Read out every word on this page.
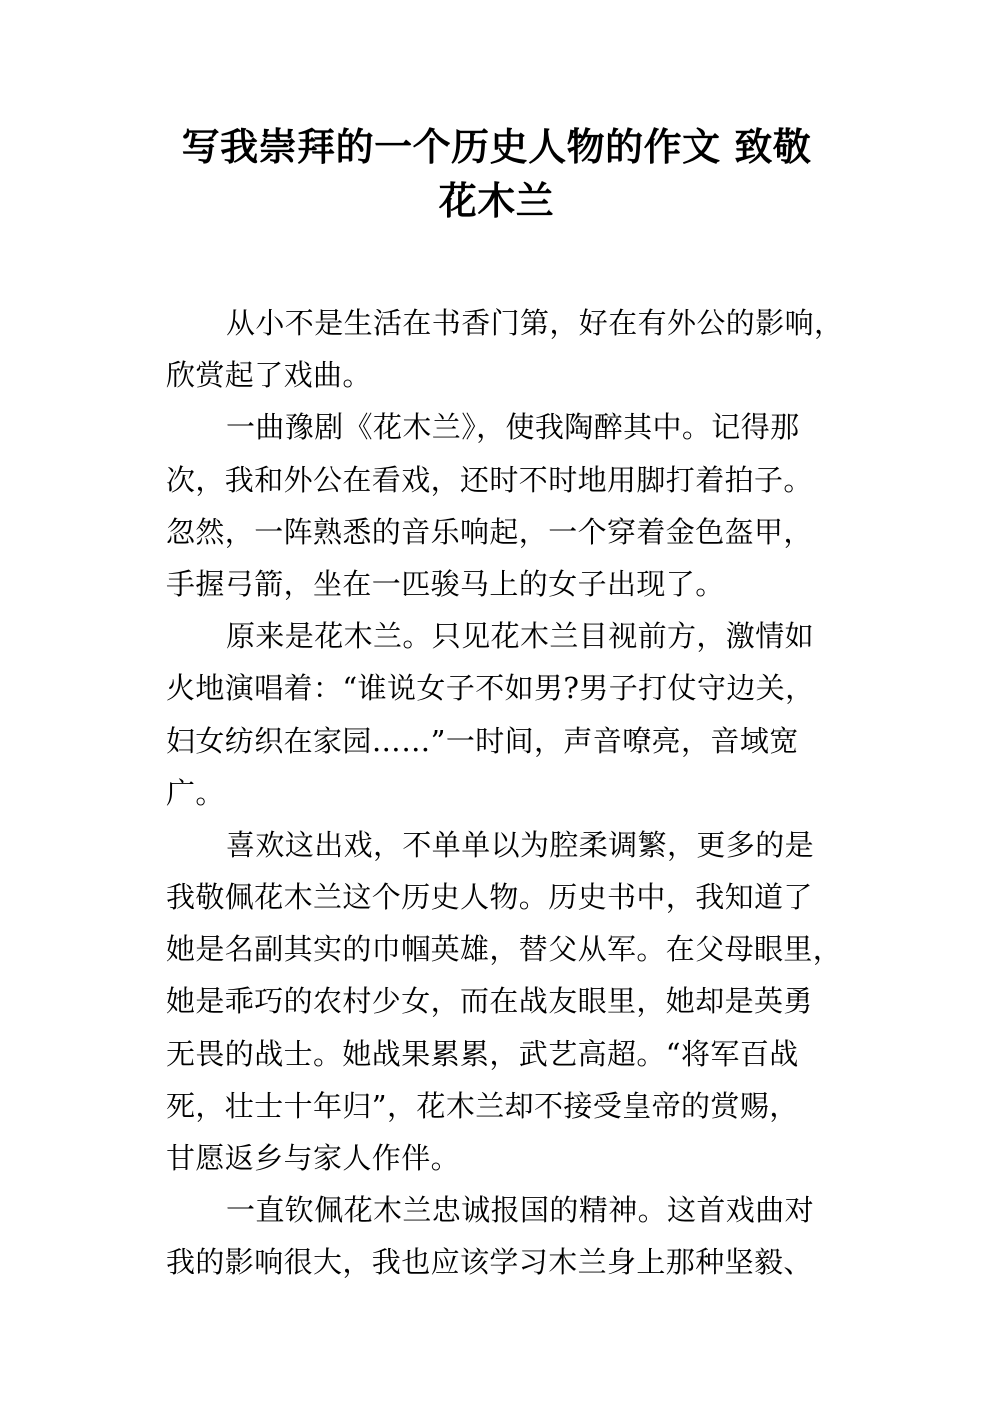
写我崇拜的一个历史人物的作文 致敬
花木兰
从小不是生活在书香门第，好在有外公的影响，
欣赏起了戏曲。
一曲豫剧《花木兰》，使我陶醉其中。记得那
次，我和外公在看戏，还时不时地用脚打着拍子。
忽然，一阵熟悉的音乐响起，一个穿着金色盔甲，
手握弓箭，坐在一匹骏马上的女子出现了。
原来是花木兰。只见花木兰目视前方，激情如
火地演唱着：“谁说女子不如男?男子打仗守边关，
妇女纺织在家园……”一时间，声音嘹亮，音域宽
广。
喜欢这出戏，不单单以为腔柔调繁，更多的是
我敬佩花木兰这个历史人物。历史书中，我知道了
她是名副其实的巾帼英雄，替父从军。在父母眼里，
她是乖巧的农村少女，而在战友眼里，她却是英勇
无畏的战士。她战果累累，武艺高超。“将军百战
死，壮士十年归”，花木兰却不接受皇帝的赏赐，
甘愿返乡与家人作伴。
一直钦佩花木兰忠诚报国的精神。这首戏曲对
我的影响很大，我也应该学习木兰身上那种坚毅、
